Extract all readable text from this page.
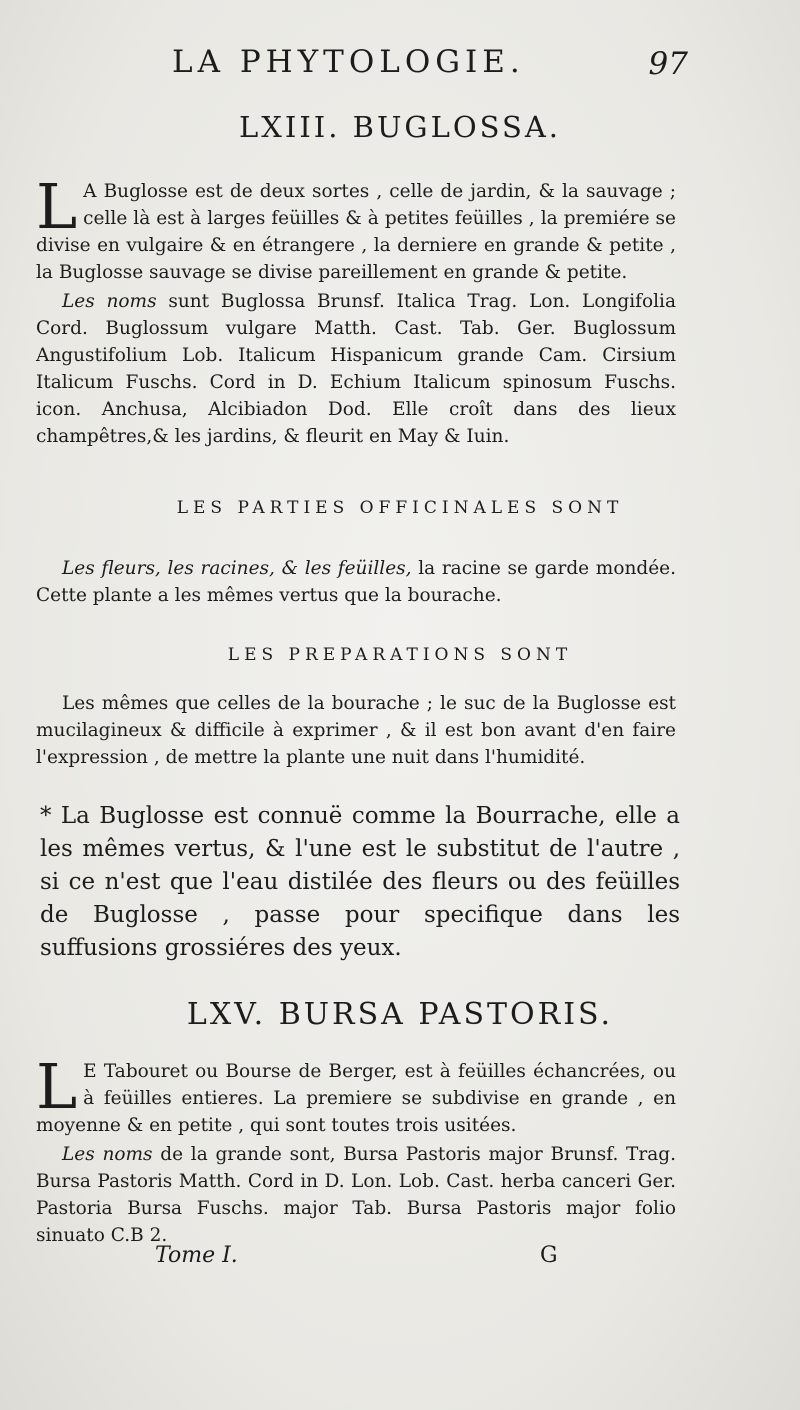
LA PHYTOLOGIE.	97
LXIII. BUGLOSSA.

L A Buglosse est de deux sortes , celle de jardin, & la sauvage ; celle là est à larges feüilles & à petites feüilles , la premiére se divise en vulgaire & en étrangere , la derniere en grande & petite , la Buglosse sauvage se divise pareillement en grande & petite.

Les noms sunt Buglossa Brunsf. Italica Trag. Lon. Longifolia Cord. Buglossum vulgare Matth. Cast. Tab. Ger. Buglossum Angustifolium Lob. Italicum Hispanicum grande Cam. Cirsium Italicum Fuschs. Cord in D. Echium Italicum spinosum Fuschs. icon. Anchusa, Alcibiadon Dod. Elle croît dans des lieux champêtres,& les jardins, & fleurit en May & Iuin.

LES PARTIES OFFICINALES SONT

Les fleurs, les racines, & les feüilles, la racine se garde mondée. Cette plante a les mêmes vertus que la bourache.

LES PREPARATIONS SONT

Les mêmes que celles de la bourache ; le suc de la Buglosse est mucilagineux & difficile à exprimer , & il est bon avant d'en faire l'expression , de mettre la plante une nuit dans l'humidité.

* La Buglosse est connuë comme la Bourrache, elle a les mêmes vertus, & l'une est le substitut de l'autre , si ce n'est que l'eau distilée des fleurs ou des feüilles de Buglosse , passe pour specifique dans les suffusions grossiéres des yeux.
LXV. BURSA PASTORIS.

L E Tabouret ou Bourse de Berger, est à feüilles échancrées, ou à feüilles entieres. La premiere se subdivise en grande , en moyenne & en petite , qui sont toutes trois usitées.

Les noms de la grande sont, Bursa Pastoris major Brunsf. Trag. Bursa Pastoris Matth. Cord in D. Lon. Lob. Cast. herba canceri Ger. Pastoria Bursa Fuschs. major Tab. Bursa Pastoris major folio sinuato C.B 2.

Tome I.	G
